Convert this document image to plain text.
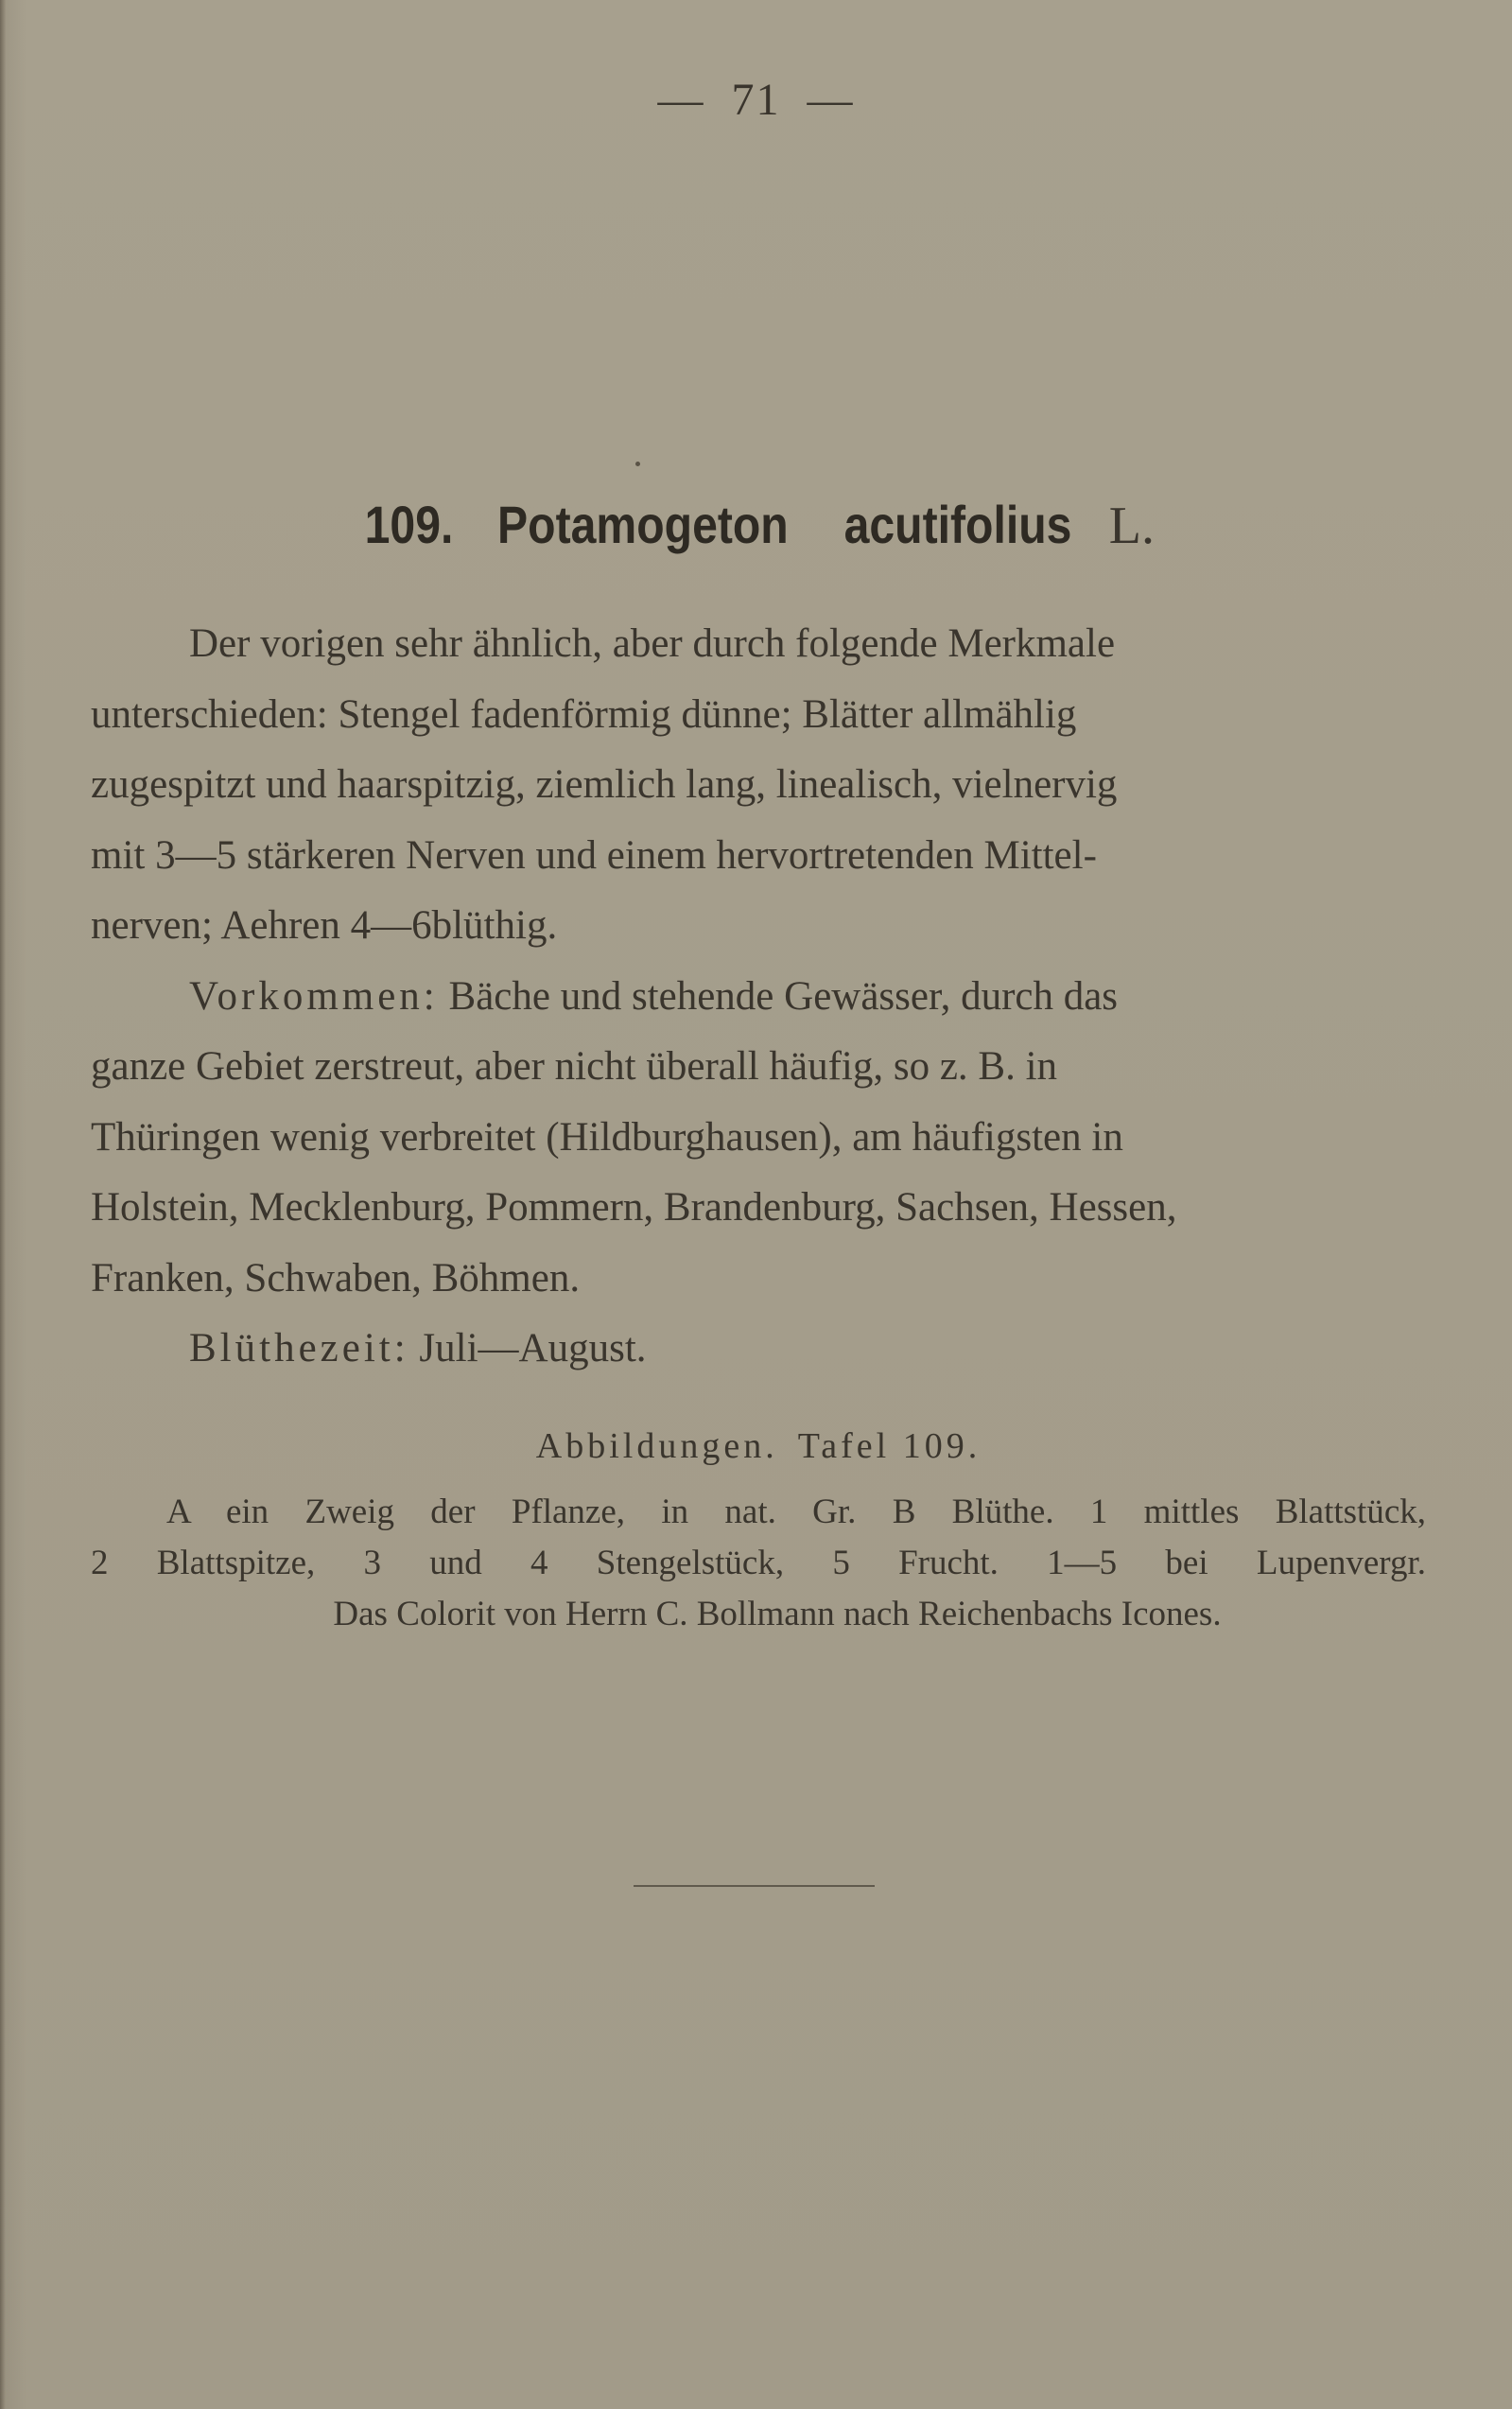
— 71 —
109. Potamogeton acutifolius L.

Der vorigen sehr ähnlich, aber durch folgende Merkmale

unterschieden: Stengel fadenförmig dünne; Blätter allmählig

zugespitzt und haarspitzig, ziemlich lang, linealisch, vielnervig

mit 3—5 stärkeren Nerven und einem hervortretenden Mittel-

nerven; Aehren 4—6blüthig.

Vorkommen: Bäche und stehende Gewässer, durch das

ganze Gebiet zerstreut, aber nicht überall häufig, so z. B. in

Thüringen wenig verbreitet (Hildburghausen), am häufigsten in

Holstein, Mecklenburg, Pommern, Brandenburg, Sachsen, Hessen,

Franken, Schwaben, Böhmen.

Blüthezeit: Juli—August.

Abbildungen. Tafel 109.

A ein Zweig der Pflanze, in nat. Gr. B Blüthe. 1 mittles Blattstück,

2 Blattspitze, 3 und 4 Stengelstück, 5 Frucht. 1—5 bei Lupenvergr.

Das Colorit von Herrn C. Bollmann nach Reichenbachs Icones.
